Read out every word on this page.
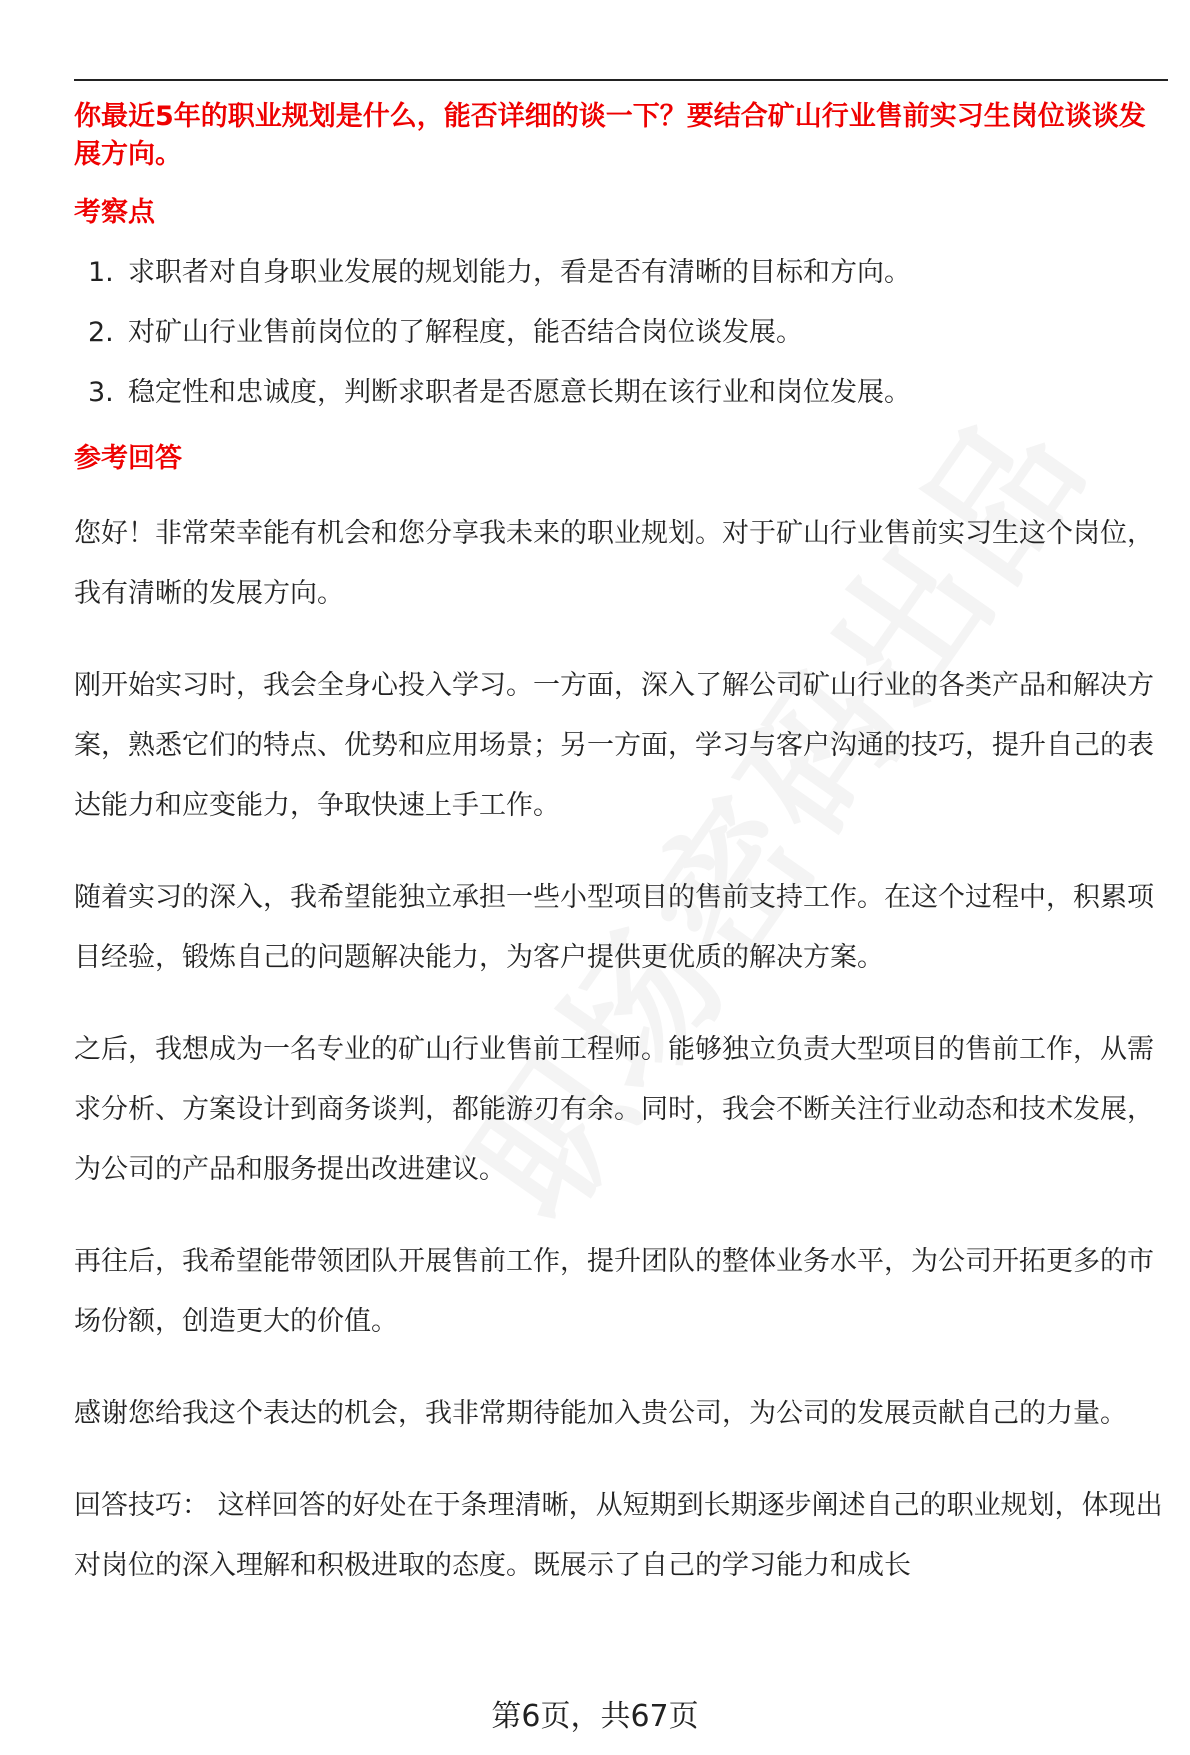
你最近5年的职业规划是什么，能否详细的谈一下？要结合矿山行业售前实习生岗位谈谈发展方向。

考察点

1. 求职者对自身职业发展的规划能力，看是否有清晰的目标和方向。
2. 对矿山行业售前岗位的了解程度，能否结合岗位谈发展。
3. 稳定性和忠诚度，判断求职者是否愿意长期在该行业和岗位发展。

参考回答

您好！非常荣幸能有机会和您分享我未来的职业规划。对于矿山行业售前实习生这个岗位，我有清晰的发展方向。

刚开始实习时，我会全身心投入学习。一方面，深入了解公司矿山行业的各类产品和解决方案，熟悉它们的特点、优势和应用场景；另一方面，学习与客户沟通的技巧，提升自己的表达能力和应变能力，争取快速上手工作。

随着实习的深入，我希望能独立承担一些小型项目的售前支持工作。在这个过程中，积累项目经验，锻炼自己的问题解决能力，为客户提供更优质的解决方案。

之后，我想成为一名专业的矿山行业售前工程师。能够独立负责大型项目的售前工作，从需求分析、方案设计到商务谈判，都能游刃有余。同时，我会不断关注行业动态和技术发展，为公司的产品和服务提出改进建议。

再往后，我希望能带领团队开展售前工作，提升团队的整体业务水平，为公司开拓更多的市场份额，创造更大的价值。

感谢您给我这个表达的机会，我非常期待能加入贵公司，为公司的发展贡献自己的力量。

回答技巧： 这样回答的好处在于条理清晰，从短期到长期逐步阐述自己的职业规划，体现出对岗位的深入理解和积极进取的态度。既展示了自己的学习能力和成长

第6页，共67页
